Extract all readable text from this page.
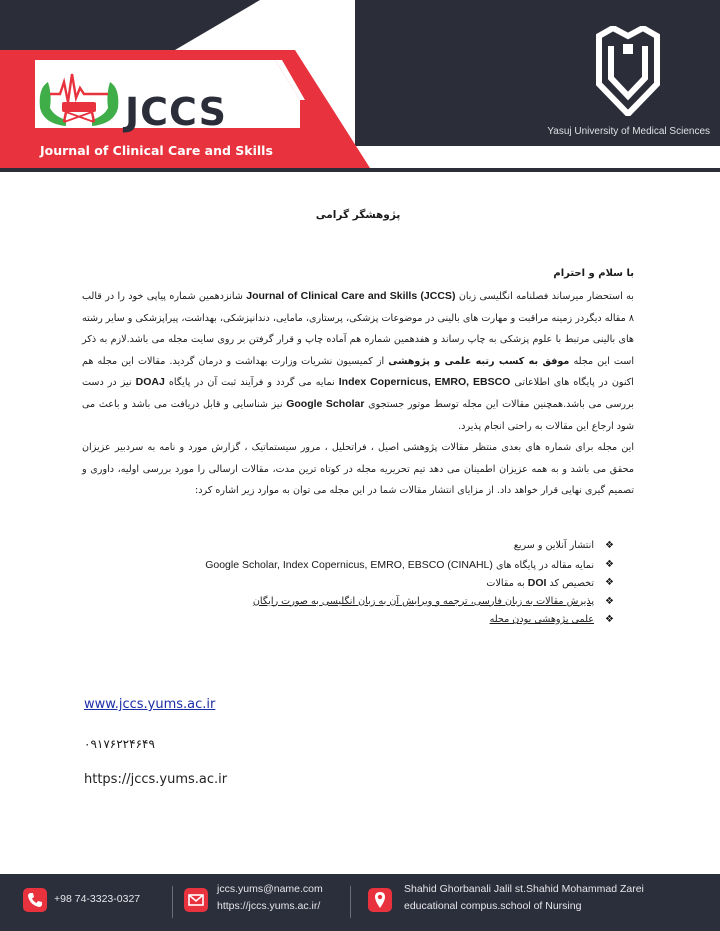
JCCS
Journal of Clinical Care and Skills
Yasuj University of Medical Sciences
پژوهشگر گرامی
با سلام و احترام

به استحضار میرساند فصلنامه انگلیسی زبان Journal of Clinical Care and Skills (JCCS) شانزدهمین شماره پیاپی خود را در قالب ۸ مقاله دیگردر زمینه مراقبت و مهارت های بالینی در موضوعات پزشکی، پرستاری، مامایی، دندانپزشکی، بهداشت، پیراپزشکی و سایر رشته های بالینی مرتبط با علوم پزشکی به چاپ رساند و هفدهمین شماره هم آماده چاپ و قرار گرفتن بر روی سایت مجله می باشد.لازم به ذکر است این مجله موفق به کسب رتبه علمی و پژوهشی از کمیسیون نشریات وزارت بهداشت و درمان گردید. مقالات این مجله هم اکنون در پایگاه های اطلاعاتی Index Copernicus, EMRO, EBSCO نمایه می گردد و فرآیند ثبت آن در پایگاه DOAJ نیز در دست بررسی می باشد.همچنین مقالات این مجله توسط موتور جستجوی Google Scholar نیز شناسایی و قابل دریافت می باشد و باعث می شود ارجاع این مقالات به راحتی انجام پذیرد.

این مجله برای شماره های بعدی منتظر مقالات پژوهشی اصیل ، فراتحلیل ، مرور سیستماتیک ، گزارش مورد و نامه به سردبیر عزیزان محقق می باشد و به همه عزیزان اطمینان می دهد تیم تحریریه مجله در کوتاه ترین مدت، مقالات ارسالی را مورد بررسی اولیه، داوری و تصمیم گیری نهایی قرار خواهد داد. از مزایای انتشار مقالات شما در این مجله می توان به موارد زیر اشاره کرد:

❖
انتشار آنلاین و سریع
❖
نمایه مقاله در پایگاه های Google Scholar, Index Copernicus, EMRO, EBSCO (CINAHL)
❖
تخصیص کد DOI به مقالات
❖
پذیرش مقالات به زبان فارسی، ترجمه و ویرایش آن به زبان انگلیسی به صورت رایگان
❖
علمی پژوهشی بودن مجله
www.jccs.yums.ac.ir
۰۹۱۷۶۲۲۴۶۴۹
https://jccs.yums.ac.ir
+98 74-3323-0327
jccs.yums@name.com
https://jccs.yums.ac.ir/
Shahid Ghorbanali Jalil st.Shahid Mohammad Zarei
educational compus.school of Nursing
